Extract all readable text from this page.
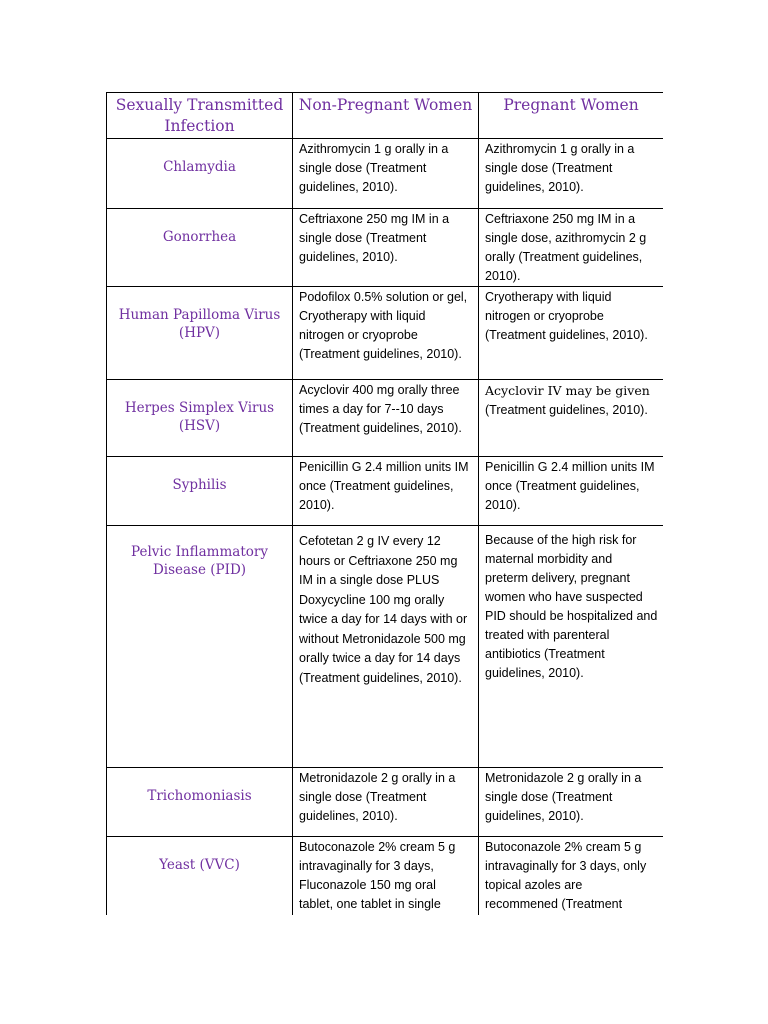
Sexually Transmitted Infection	Non-Pregnant Women	Pregnant Women
Chlamydia	Azithromycin 1 g orally in a single dose (Treatment guidelines, 2010).	Azithromycin 1 g orally in a single dose (Treatment guidelines, 2010).
Gonorrhea	Ceftriaxone 250 mg IM in a single dose (Treatment guidelines, 2010).	Ceftriaxone 250 mg IM in a single dose, azithromycin 2 g orally (Treatment guidelines, 2010).
Human Papilloma Virus (HPV)	Podofilox 0.5% solution or gel, Cryotherapy with liquid nitrogen or cryoprobe (Treatment guidelines, 2010).	Cryotherapy with liquid nitrogen or cryoprobe (Treatment guidelines, 2010).
Herpes Simplex Virus (HSV)	Acyclovir 400 mg orally three times a day for 7--10 days (Treatment guidelines, 2010).	Acyclovir IV may be given (Treatment guidelines, 2010).
Syphilis	Penicillin G 2.4 million units IM once (Treatment guidelines, 2010).	Penicillin G 2.4 million units IM once (Treatment guidelines, 2010).
Pelvic Inflammatory Disease (PID)	Cefotetan 2 g IV every 12 hours or Ceftriaxone 250 mg IM in a single dose PLUS Doxycycline 100 mg orally twice a day for 14 days with or without Metronidazole 500 mg orally twice a day for 14 days (Treatment guidelines, 2010).	Because of the high risk for maternal morbidity and preterm delivery, pregnant women who have suspected PID should be hospitalized and treated with parenteral antibiotics (Treatment guidelines, 2010).
Trichomoniasis	Metronidazole 2 g orally in a single dose (Treatment guidelines, 2010).	Metronidazole 2 g orally in a single dose (Treatment guidelines, 2010).
Yeast (VVC)	Butoconazole 2% cream 5 g intravaginally for 3 days, Fluconazole 150 mg oral tablet, one tablet in single	Butoconazole 2% cream 5 g intravaginally for 3 days, only topical azoles are recommened (Treatment
